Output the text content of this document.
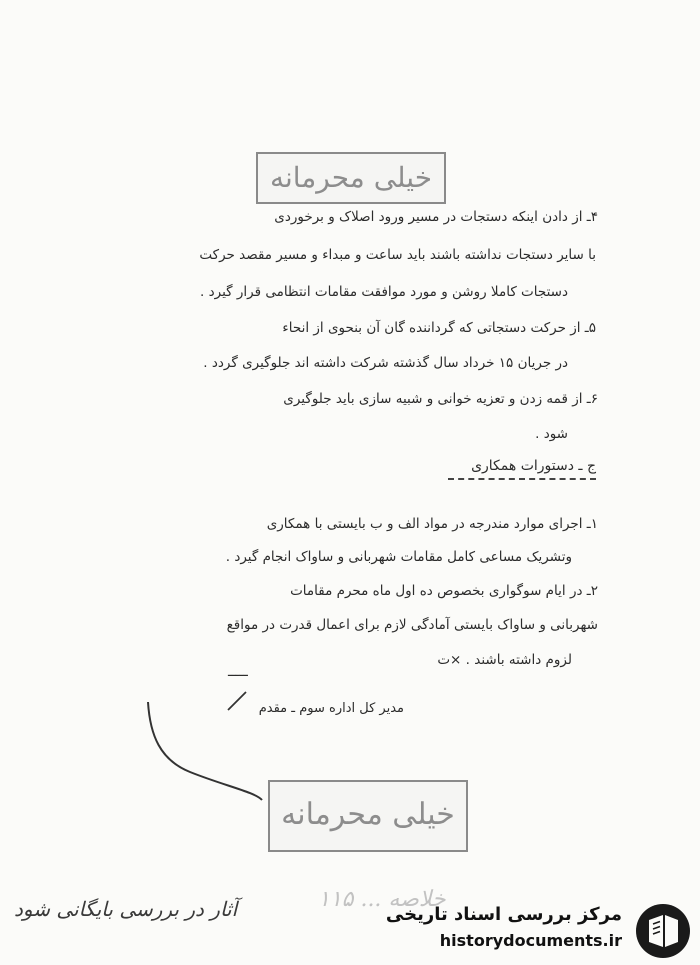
خیلی محرمانه
۴ـ از دادن اینکه دستجات در مسیر ورود اصلاک و برخوردی
با سایر دستجات نداشته باشند باید ساعت و مبداء و مسیر مقصد حرکت
دستجات کاملا روشن و مورد موافقت مقامات انتظامی قرار گیرد .
۵ـ از حرکت دستجاتی که گرداننده گان آن بنحوی از انحاء
در جریان ۱۵ خرداد سال گذشته شرکت داشته اند جلوگیری گردد .
۶ـ از قمه زدن و تعزیه خوانی و شبیه سازی باید جلوگیری
شود .
ج ـ دستورات همکاری
۱ـ اجرای موارد مندرجه در مواد الف و ب بایستی با همکاری
وتشریک مساعی کامل مقامات شهربانی و ساواک انجام گیرد .
۲ـ در ایام سوگواری بخصوص ده اول ماه محرم مقامات
شهربانی و ساواک بایستی آمادگی لازم برای اعمال قدرت در مواقع
لزوم داشته باشند . ×ت
ـــــ
مدیر کل اداره سوم ـ مقدم
خیلی محرمانه
آثار در بررسی بایگانی شود	خلاصه ... ۱۱۵
مرکز بررسی اسناد تاریخی
historydocuments.ir
